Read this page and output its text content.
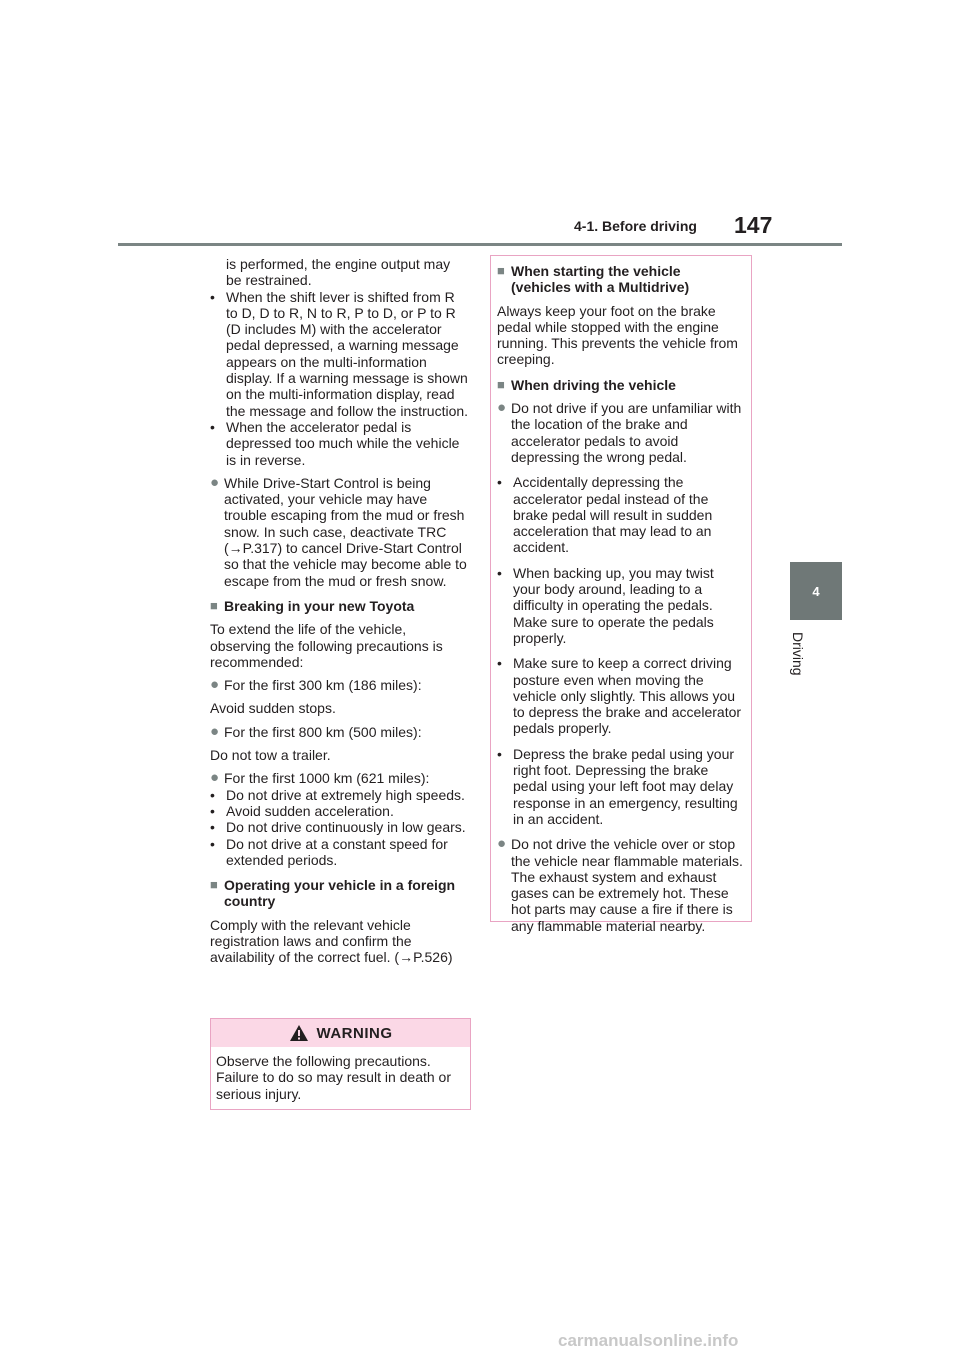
4-1. Before driving 147
4
Driving

is performed, the engine output may

be restrained.

• When the shift lever is shifted from R to D, D to R, N to R, P to D, or P to R (D includes M) with the accelerator pedal depressed, a warning message appears on the multi-information display. If a warning message is shown on the multi-information display, read the message and follow the instruction.
• When the accelerator pedal is depressed too much while the vehicle is in reverse.
● While Drive-Start Control is being activated, your vehicle may have trouble escaping from the mud or fresh snow. In such case, deactivate TRC (→P.317) to cancel Drive-Start Control so that the vehicle may become able to escape from the mud or fresh snow.
■ Breaking in your new Toyota

To extend the life of the vehicle, observing the following precautions is recommended:

● For the first 300 km (186 miles):

Avoid sudden stops.

● For the first 800 km (500 miles):

Do not tow a trailer.

● For the first 1000 km (621 miles):
• Do not drive at extremely high speeds.
• Avoid sudden acceleration.
• Do not drive continuously in low gears.
• Do not drive at a constant speed for extended periods.
■ Operating your vehicle in a foreign country

Comply with the relevant vehicle registration laws and confirm the availability of the correct fuel. (→P.526)

WARNING
Observe the following precautions. Failure to do so may result in death or serious injury.
■ When starting the vehicle (vehicles with a Multidrive)

Always keep your foot on the brake pedal while stopped with the engine running. This prevents the vehicle from creeping.

■ When driving the vehicle
● Do not drive if you are unfamiliar with the location of the brake and accelerator pedals to avoid depressing the wrong pedal.
• Accidentally depressing the accelerator pedal instead of the brake pedal will result in sudden acceleration that may lead to an accident.
• When backing up, you may twist your body around, leading to a difficulty in operating the pedals. Make sure to operate the pedals properly.
• Make sure to keep a correct driving posture even when moving the vehicle only slightly. This allows you to depress the brake and accelerator pedals properly.
• Depress the brake pedal using your right foot. Depressing the brake pedal using your left foot may delay response in an emergency, resulting in an accident.
● Do not drive the vehicle over or stop the vehicle near flammable materials.
The exhaust system and exhaust gases can be extremely hot. These hot parts may cause a fire if there is any flammable material nearby.
carmanualsonline.info
